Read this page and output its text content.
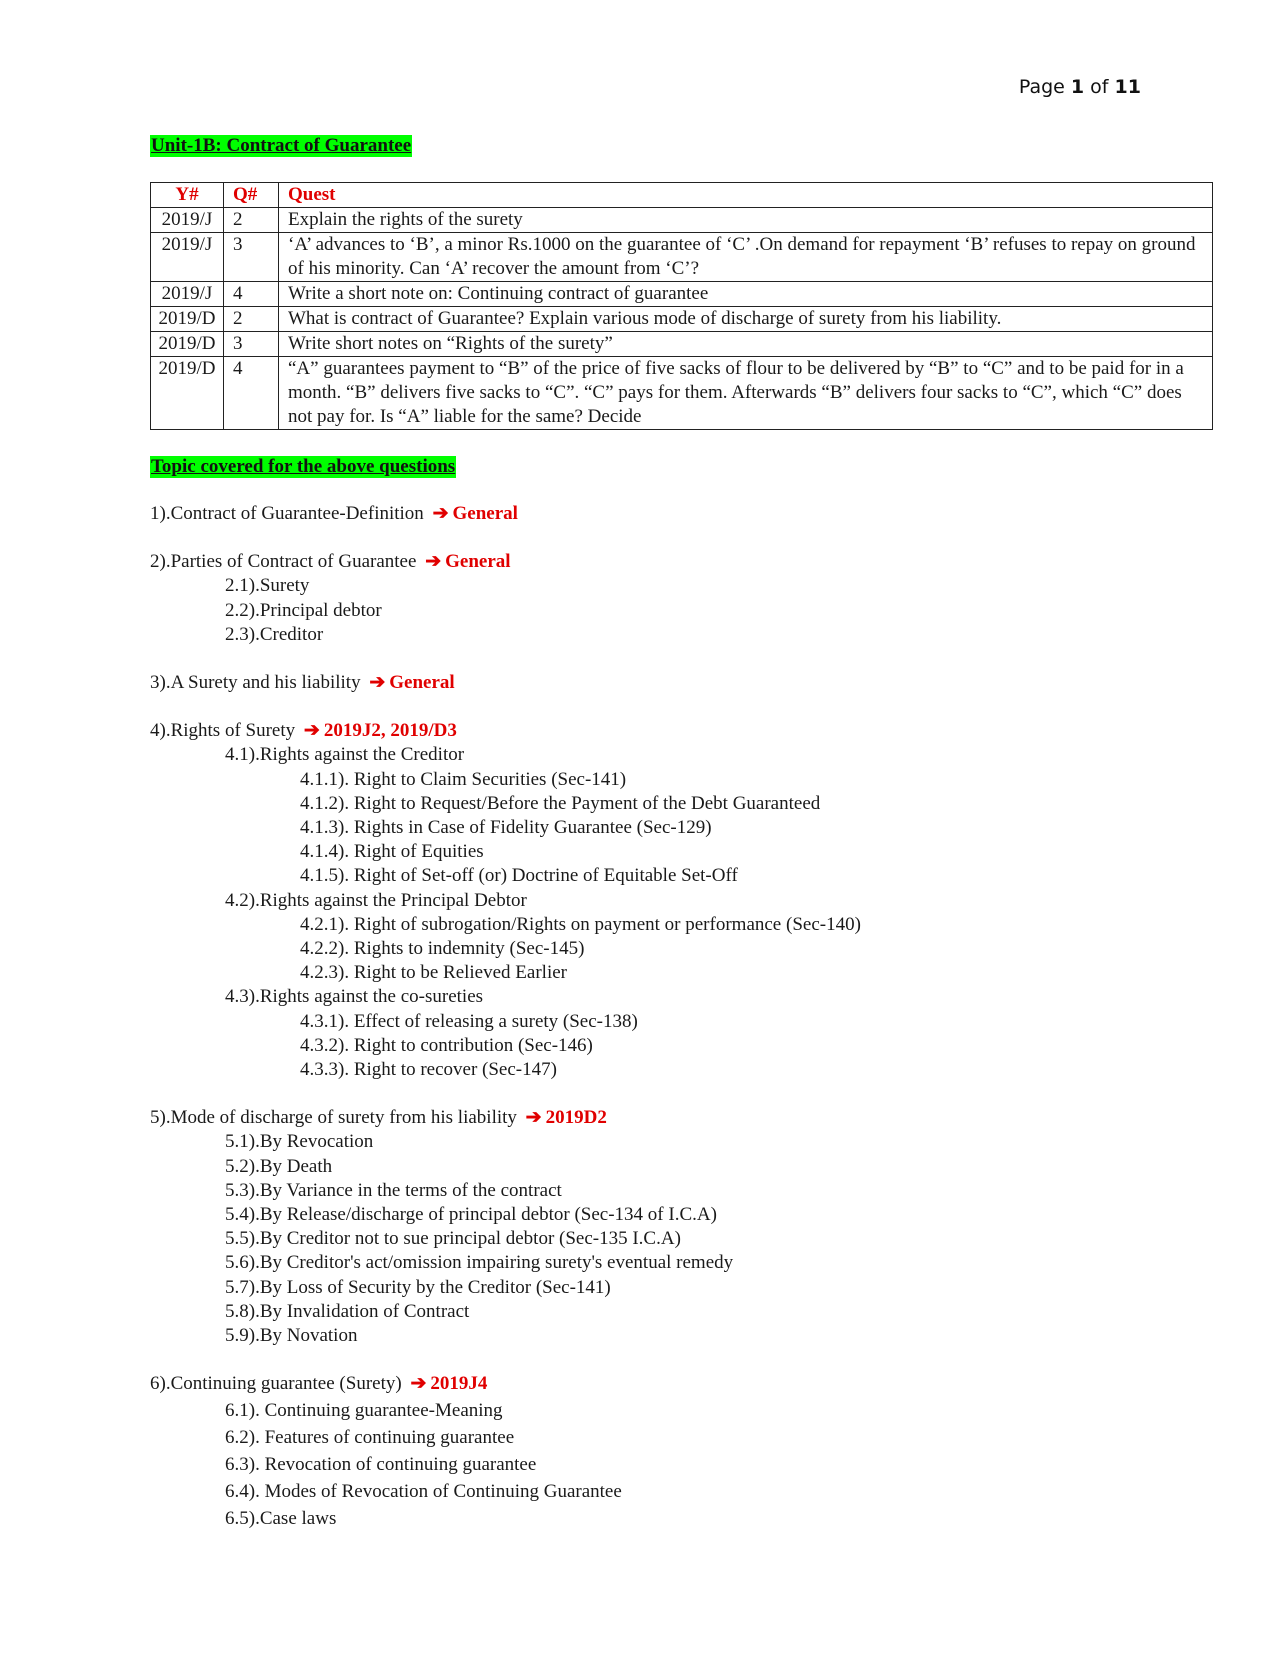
Page 1 of 11
Unit-1B: Contract of Guarantee
Y#	Q#	Quest
2019/J	2	Explain the rights of the surety
2019/J	3	‘A’ advances to ‘B’, a minor Rs.1000 on the guarantee of ‘C’ .On demand for repayment ‘B’ refuses to repay on ground of his minority. Can ‘A’ recover the amount from ‘C’?
2019/J	4	Write a short note on: Continuing contract of guarantee
2019/D	2	What is contract of Guarantee? Explain various mode of discharge of surety from his liability.
2019/D	3	Write short notes on “Rights of the surety”
2019/D	4	“A” guarantees payment to “B” of the price of five sacks of flour to be delivered by “B” to “C” and to be paid for in a month. “B” delivers five sacks to “C”. “C” pays for them. Afterwards “B” delivers four sacks to “C”, which “C” does not pay for. Is “A” liable for the same? Decide
Topic covered for the above questions
1).Contract of Guarantee-Definition ➔ General
2).Parties of Contract of Guarantee ➔ General
2.1).Surety
2.2).Principal debtor
2.3).Creditor
3).A Surety and his liability ➔ General
4).Rights of Surety ➔ 2019J2, 2019/D3
4.1).Rights against the Creditor
4.1.1). Right to Claim Securities (Sec-141)
4.1.2). Right to Request/Before the Payment of the Debt Guaranteed
4.1.3). Rights in Case of Fidelity Guarantee (Sec-129)
4.1.4). Right of Equities
4.1.5). Right of Set-off (or) Doctrine of Equitable Set-Off
4.2).Rights against the Principal Debtor
4.2.1). Right of subrogation/Rights on payment or performance (Sec-140)
4.2.2). Rights to indemnity (Sec-145)
4.2.3). Right to be Relieved Earlier
4.3).Rights against the co-sureties
4.3.1). Effect of releasing a surety (Sec-138)
4.3.2). Right to contribution (Sec-146)
4.3.3). Right to recover (Sec-147)
5).Mode of discharge of surety from his liability ➔ 2019D2
5.1).By Revocation
5.2).By Death
5.3).By Variance in the terms of the contract
5.4).By Release/discharge of principal debtor (Sec-134 of I.C.A)
5.5).By Creditor not to sue principal debtor (Sec-135 I.C.A)
5.6).By Creditor's act/omission impairing surety's eventual remedy
5.7).By Loss of Security by the Creditor (Sec-141)
5.8).By Invalidation of Contract
5.9).By Novation
6).Continuing guarantee (Surety) ➔ 2019J4
6.1). Continuing guarantee-Meaning
6.2). Features of continuing guarantee
6.3). Revocation of continuing guarantee
6.4). Modes of Revocation of Continuing Guarantee
6.5).Case laws
